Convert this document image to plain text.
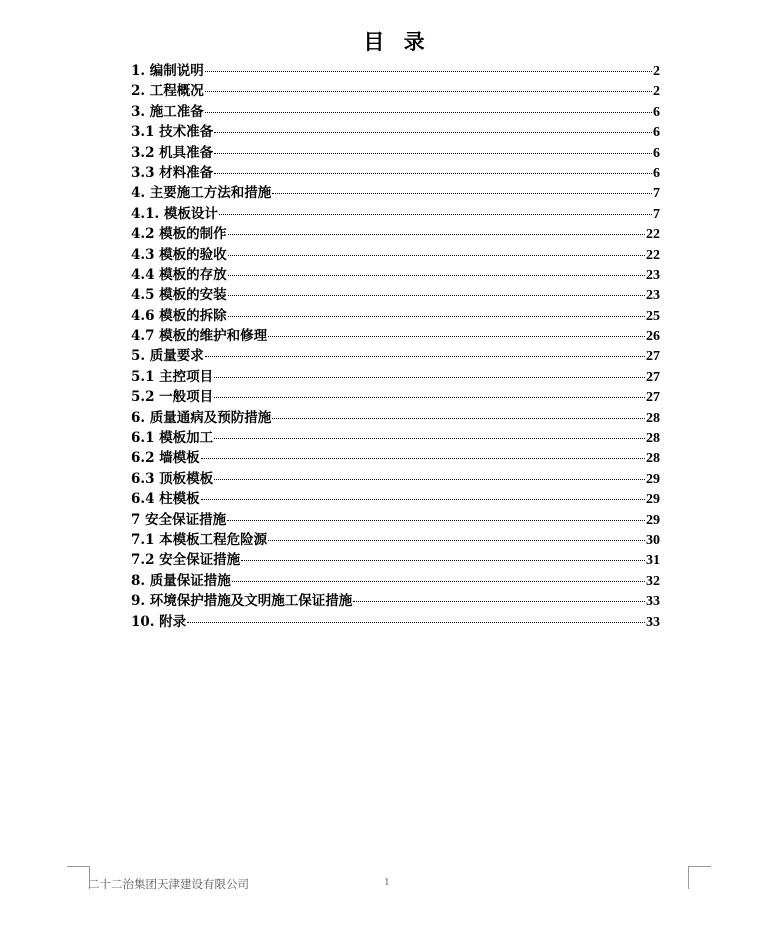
目 录
1. 编制说明	2
2. 工程概况	2
3. 施工准备	6
3.1 技术准备	6
3.2 机具准备	6
3.3 材料准备	6
4. 主要施工方法和措施	7
4.1. 模板设计	7
4.2 模板的制作	22
4.3 模板的验收	22
4.4 模板的存放	23
4.5 模板的安装	23
4.6 模板的拆除	25
4.7 模板的维护和修理	26
5. 质量要求	27
5.1 主控项目	27
5.2 一般项目	27
6. 质量通病及预防措施	28
6.1 模板加工	28
6.2 墙模板	28
6.3 顶板模板	29
6.4 柱模板	29
7 安全保证措施	29
7.1 本模板工程危险源	30
7.2 安全保证措施	31
8. 质量保证措施	32
9. 环境保护措施及文明施工保证措施	33
10. 附录	33
二十二治集团天津建设有限公司	1
